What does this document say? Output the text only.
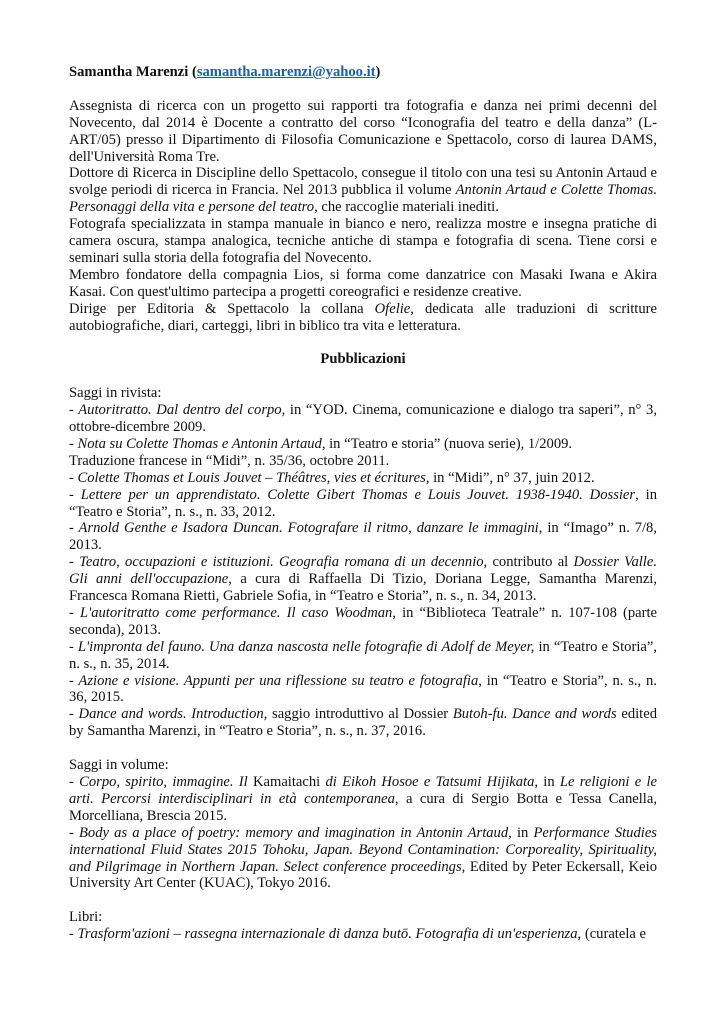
Samantha Marenzi (samantha.marenzi@yahoo.it)

Assegnista di ricerca con un progetto sui rapporti tra fotografia e danza nei primi decenni del Novecento, dal 2014 è Docente a contratto del corso “Iconografia del teatro e della danza” (L-ART/05) presso il Dipartimento di Filosofia Comunicazione e Spettacolo, corso di laurea DAMS, dell'Università Roma Tre.

Dottore di Ricerca in Discipline dello Spettacolo, consegue il titolo con una tesi su Antonin Artaud e svolge periodi di ricerca in Francia. Nel 2013 pubblica il volume Antonin Artaud e Colette Thomas. Personaggi della vita e persone del teatro, che raccoglie materiali inediti.

Fotografa specializzata in stampa manuale in bianco e nero, realizza mostre e insegna pratiche di camera oscura, stampa analogica, tecniche antiche di stampa e fotografia di scena. Tiene corsi e seminari sulla storia della fotografia del Novecento.

Membro fondatore della compagnia Lios, si forma come danzatrice con Masaki Iwana e Akira Kasai. Con quest'ultimo partecipa a progetti coreografici e residenze creative.

Dirige per Editoria & Spettacolo la collana Ofelie, dedicata alle traduzioni di scritture autobiografiche, diari, carteggi, libri in biblico tra vita e letteratura.

Pubblicazioni

Saggi in rivista:

- Autoritratto. Dal dentro del corpo, in “YOD. Cinema, comunicazione e dialogo tra saperi”, n° 3, ottobre-dicembre 2009.

- Nota su Colette Thomas e Antonin Artaud, in “Teatro e storia” (nuova serie), 1/2009.

Traduzione francese in “Midi”, n. 35/36, octobre 2011.

- Colette Thomas et Louis Jouvet – Théâtres, vies et écritures, in “Midi”, n° 37, juin 2012.

- Lettere per un apprendistato. Colette Gibert Thomas e Louis Jouvet. 1938-1940. Dossier, in “Teatro e Storia”, n. s., n. 33, 2012.

- Arnold Genthe e Isadora Duncan. Fotografare il ritmo, danzare le immagini, in “Imago” n. 7/8, 2013.

- Teatro, occupazioni e istituzioni. Geografia romana di un decennio, contributo al Dossier Valle. Gli anni dell'occupazione, a cura di Raffaella Di Tizio, Doriana Legge, Samantha Marenzi, Francesca Romana Rietti, Gabriele Sofia, in “Teatro e Storia”, n. s., n. 34, 2013.

- L'autoritratto come performance. Il caso Woodman, in “Biblioteca Teatrale” n. 107-108 (parte seconda), 2013.

- L'impronta del fauno. Una danza nascosta nelle fotografie di Adolf de Meyer, in “Teatro e Storia”, n. s., n. 35, 2014.

- Azione e visione. Appunti per una riflessione su teatro e fotografia, in “Teatro e Storia”, n. s., n. 36, 2015.

- Dance and words. Introduction, saggio introduttivo al Dossier Butoh-fu. Dance and words edited by Samantha Marenzi, in “Teatro e Storia”, n. s., n. 37, 2016.

Saggi in volume:

- Corpo, spirito, immagine. Il Kamaitachi di Eikoh Hosoe e Tatsumi Hijikata, in Le religioni e le arti. Percorsi interdisciplinari in età contemporanea, a cura di Sergio Botta e Tessa Canella, Morcelliana, Brescia 2015.

- Body as a place of poetry: memory and imagination in Antonin Artaud, in Performance Studies international Fluid States 2015 Tohoku, Japan. Beyond Contamination: Corporeality, Spirituality, and Pilgrimage in Northern Japan. Select conference proceedings, Edited by Peter Eckersall, Keio University Art Center (KUAC), Tokyo 2016.

Libri:

- Trasform'azioni – rassegna internazionale di danza butō. Fotografia di un'esperienza, (curatela e
